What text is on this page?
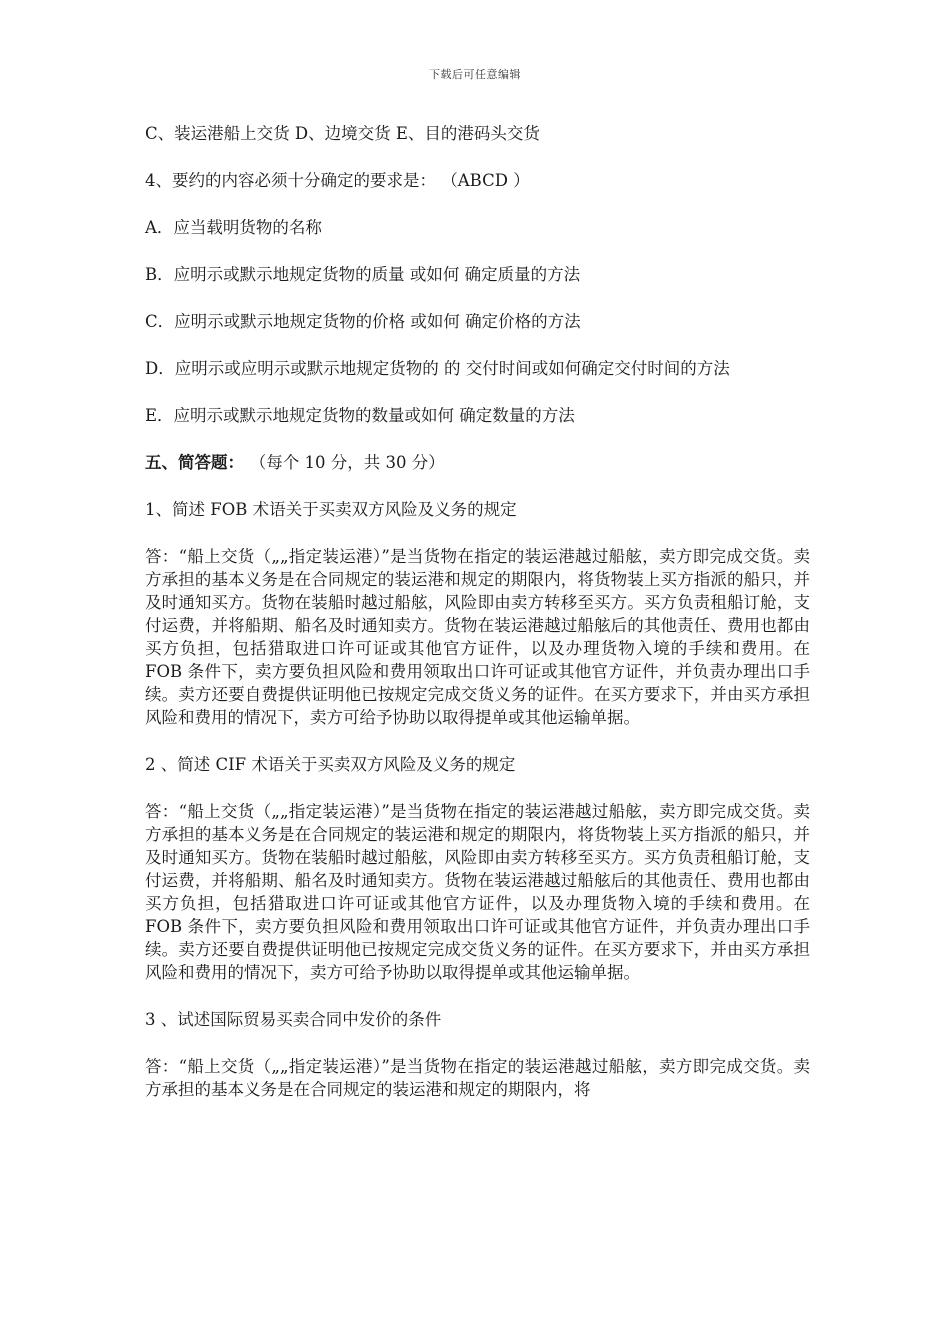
下载后可任意编辑

C、装运港船上交货 D、边境交货 E、目的港码头交货

4、要约的内容必须十分确定的要求是： （ABCD ）

A．应当载明货物的名称

B．应明示或默示地规定货物的质量 或如何 确定质量的方法

C．应明示或默示地规定货物的价格 或如何 确定价格的方法

D．应明示或应明示或默示地规定货物的 的 交付时间或如何确定交付时间的方法

E．应明示或默示地规定货物的数量或如何 确定数量的方法

五、简答题： （每个 10 分，共 30 分）

1、简述 FOB 术语关于买卖双方风险及义务的规定

答：“船上交货（„„指定装运港）”是当货物在指定的装运港越过船舷，卖方即完成交货。卖方承担的基本义务是在合同规定的装运港和规定的期限内，将货物装上买方指派的船只，并及时通知买方。货物在装船时越过船舷，风险即由卖方转移至买方。买方负责租船订舱，支付运费，并将船期、船名及时通知卖方。货物在装运港越过船舷后的其他责任、费用也都由买方负担，包括猎取进口许可证或其他官方证件，以及办理货物入境的手续和费用。在 FOB 条件下，卖方要负担风险和费用领取出口许可证或其他官方证件，并负责办理出口手续。卖方还要自费提供证明他已按规定完成交货义务的证件。在买方要求下，并由买方承担风险和费用的情况下，卖方可给予协助以取得提单或其他运输单据。

2 、简述 CIF 术语关于买卖双方风险及义务的规定

答：“船上交货（„„指定装运港）”是当货物在指定的装运港越过船舷，卖方即完成交货。卖方承担的基本义务是在合同规定的装运港和规定的期限内，将货物装上买方指派的船只，并及时通知买方。货物在装船时越过船舷，风险即由卖方转移至买方。买方负责租船订舱，支付运费，并将船期、船名及时通知卖方。货物在装运港越过船舷后的其他责任、费用也都由买方负担，包括猎取进口许可证或其他官方证件，以及办理货物入境的手续和费用。在 FOB 条件下，卖方要负担风险和费用领取出口许可证或其他官方证件，并负责办理出口手续。卖方还要自费提供证明他已按规定完成交货义务的证件。在买方要求下，并由买方承担风险和费用的情况下，卖方可给予协助以取得提单或其他运输单据。

3 、试述国际贸易买卖合同中发价的条件

答：“船上交货（„„指定装运港）”是当货物在指定的装运港越过船舷，卖方即完成交货。卖方承担的基本义务是在合同规定的装运港和规定的期限内，将
